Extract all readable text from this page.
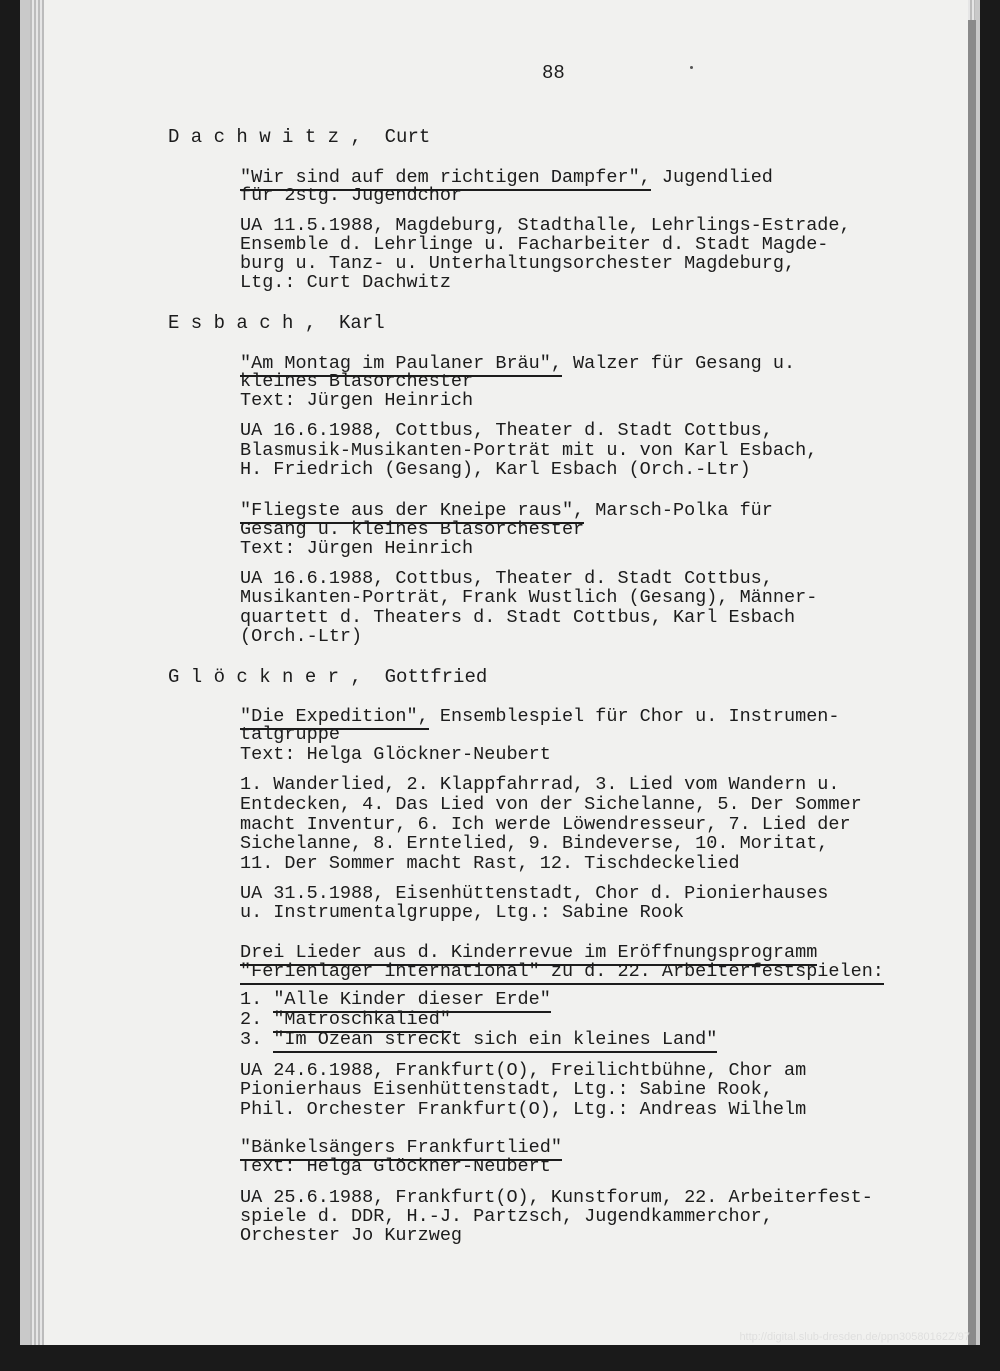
88
D a c h w i t z ,  Curt
"Wir sind auf dem richtigen Dampfer", Jugendlied
für 2stg. Jugendchor
UA 11.5.1988, Magdeburg, Stadthalle, Lehrlings-Estrade,
Ensemble d. Lehrlinge u. Facharbeiter d. Stadt Magde-
burg u. Tanz- u. Unterhaltungsorchester Magdeburg,
Ltg.: Curt Dachwitz
E s b a c h ,  Karl
"Am Montag im Paulaner Bräu", Walzer für Gesang u.
kleines Blasorchester
Text: Jürgen Heinrich
UA 16.6.1988, Cottbus, Theater d. Stadt Cottbus,
Blasmusik-Musikanten-Porträt mit u. von Karl Esbach,
H. Friedrich (Gesang), Karl Esbach (Orch.-Ltr)
"Fliegste aus der Kneipe raus", Marsch-Polka für
Gesang u. kleines Blasorchester
Text: Jürgen Heinrich
UA 16.6.1988, Cottbus, Theater d. Stadt Cottbus,
Musikanten-Porträt, Frank Wustlich (Gesang), Männer-
quartett d. Theaters d. Stadt Cottbus, Karl Esbach
(Orch.-Ltr)
G l ö c k n e r ,  Gottfried
"Die Expedition", Ensemblespiel für Chor u. Instrumen-
talgruppe
Text: Helga Glöckner-Neubert
1. Wanderlied, 2. Klappfahrrad, 3. Lied vom Wandern u.
Entdecken, 4. Das Lied von der Sichelanne, 5. Der Sommer
macht Inventur, 6. Ich werde Löwendresseur, 7. Lied der
Sichelanne, 8. Erntelied, 9. Bindeverse, 10. Moritat,
11. Der Sommer macht Rast, 12. Tischdeckelied
UA 31.5.1988, Eisenhüttenstadt, Chor d. Pionierhauses
u. Instrumentalgruppe, Ltg.: Sabine Rook
Drei Lieder aus d. Kinderrevue im Eröffnungsprogramm
"Ferienlager international" zu d. 22. Arbeiterfestspielen:
1. "Alle Kinder dieser Erde"
2. "Matroschkalied"
3. "Im Ozean streckt sich ein kleines Land"
UA 24.6.1988, Frankfurt(O), Freilichtbühne, Chor am
Pionierhaus Eisenhüttenstadt, Ltg.: Sabine Rook,
Phil. Orchester Frankfurt(O), Ltg.: Andreas Wilhelm
"Bänkelsängers Frankfurtlied"
Text: Helga Glöckner-Neubert
UA 25.6.1988, Frankfurt(O), Kunstforum, 22. Arbeiterfest-
spiele d. DDR, H.-J. Partzsch, Jugendkammerchor,
Orchester Jo Kurzweg
http://digital.slub-dresden.de/ppn30580162Z/97
